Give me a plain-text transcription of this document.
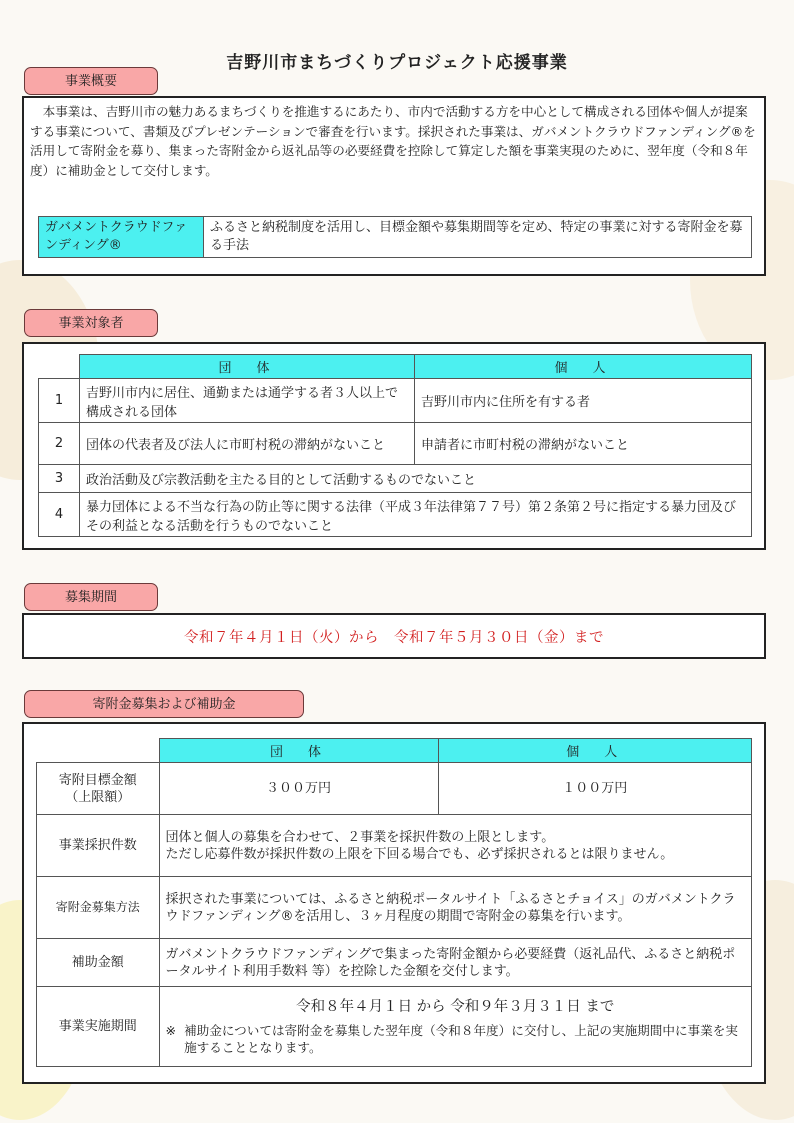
吉野川市まちづくりプロジェクト応援事業
事業概要
　本事業は、吉野川市の魅力あるまちづくりを推進するにあたり、市内で活動する方を中心として構成される団体や個人が提案する事業について、書類及びプレゼンテーションで審査を行います。採択された事業は、ガバメントクラウドファンディング®を活用して寄附金を募り、集まった寄附金から返礼品等の必要経費を控除して算定した額を事業実現のために、翌年度（令和８年度）に補助金として交付します。
ガバメントクラウドファンディング®	ふるさと納税制度を活用し、目標金額や募集期間等を定め、特定の事業に対する寄附金を募る手法
事業対象者
	団　体	個　人
1	吉野川市内に居住、通勤または通学する者３人以上で構成される団体	吉野川市内に住所を有する者
2	団体の代表者及び法人に市町村税の滞納がないこと	申請者に市町村税の滞納がないこと
3	政治活動及び宗教活動を主たる目的として活動するものでないこと	
4	暴力団体による不当な行為の防止等に関する法律（平成３年法律第７７号）第２条第２号に指定する暴力団及びその利益となる活動を行うものでないこと	
募集期間
令和７年４月１日（火）から　令和７年５月３０日（金）まで
寄附金募集および補助金
	団　体	個　人
寄附目標金額
（上限額）	３００万円	１００万円
事業採択件数	団体と個人の募集を合わせて、２事業を採択件数の上限とします。
ただし応募件数が採択件数の上限を下回る場合でも、必ず採択されるとは限りません。	
寄附金募集方法	採択された事業については、ふるさと納税ポータルサイト「ふるさとチョイス」のガバメントクラウドファンディング®を活用し、３ヶ月程度の期間で寄附金の募集を行います。	
補助金額	ガバメントクラウドファンディングで集まった寄附金額から必要経費（返礼品代、ふるさと納税ポータルサイト利用手数料 等）を控除した金額を交付します。	
事業実施期間	令和８年４月１日 から 令和９年３月３１日 まで
※ 補助金については寄附金を募集した翌年度（令和８年度）に交付し、上記の実施期間中に事業を実施することとなります。	
